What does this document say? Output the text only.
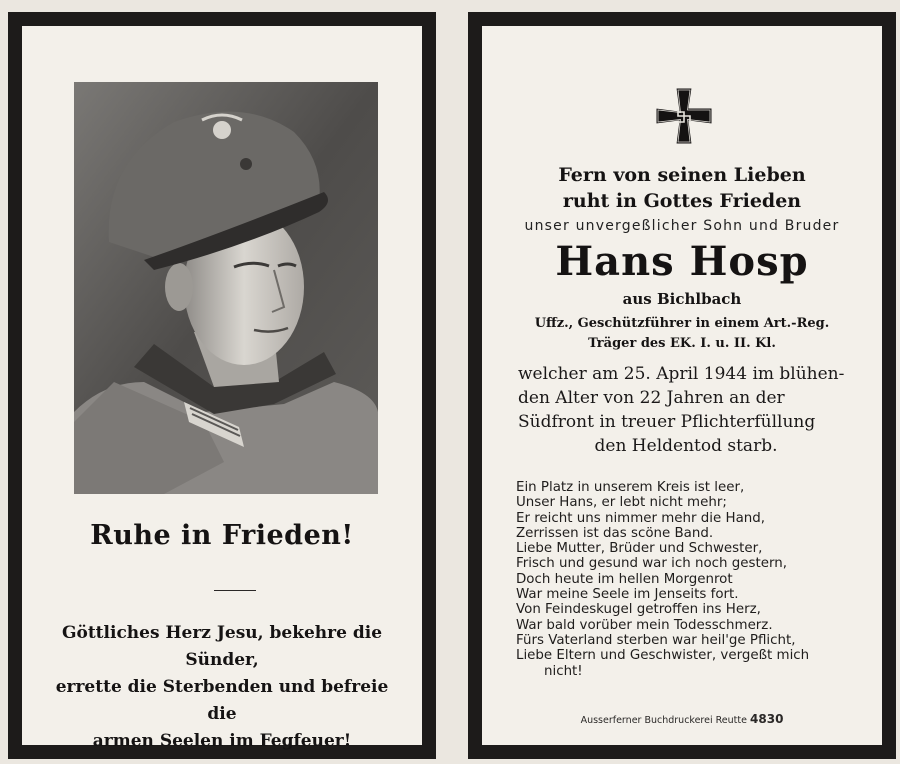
Ruhe in Frieden!
Göttliches Herz Jesu, bekehre die Sünder,
errette die Sterbenden und befreie die
armen Seelen im Fegfeuer!
Fern von seinen Lieben
ruht in Gottes Frieden
unser unvergeßlicher Sohn und Bruder
Hans Hosp
aus Bichlbach
Uffz., Geschützführer in einem Art.-Reg.
Träger des EK. I. u. II. Kl.
welcher am 25. April 1944 im blühen-
den Alter von 22 Jahren an der
Südfront in treuer Pflichterfüllung
den Heldentod starb.
Ein Platz in unserem Kreis ist leer,
Unser Hans, er lebt nicht mehr;
Er reicht uns nimmer mehr die Hand,
Zerrissen ist das scöne Band.
Liebe Mutter, Brüder und Schwester,
Frisch und gesund war ich noch gestern,
Doch heute im hellen Morgenrot
War meine Seele im Jenseits fort.
Von Feindeskugel getroffen ins Herz,
War bald vorüber mein Todesschmerz.
Fürs Vaterland sterben war heil'ge Pflicht,
Liebe Eltern und Geschwister, vergeßt mich
nicht!
Ausserferner Buchdruckerei Reutte 4830
